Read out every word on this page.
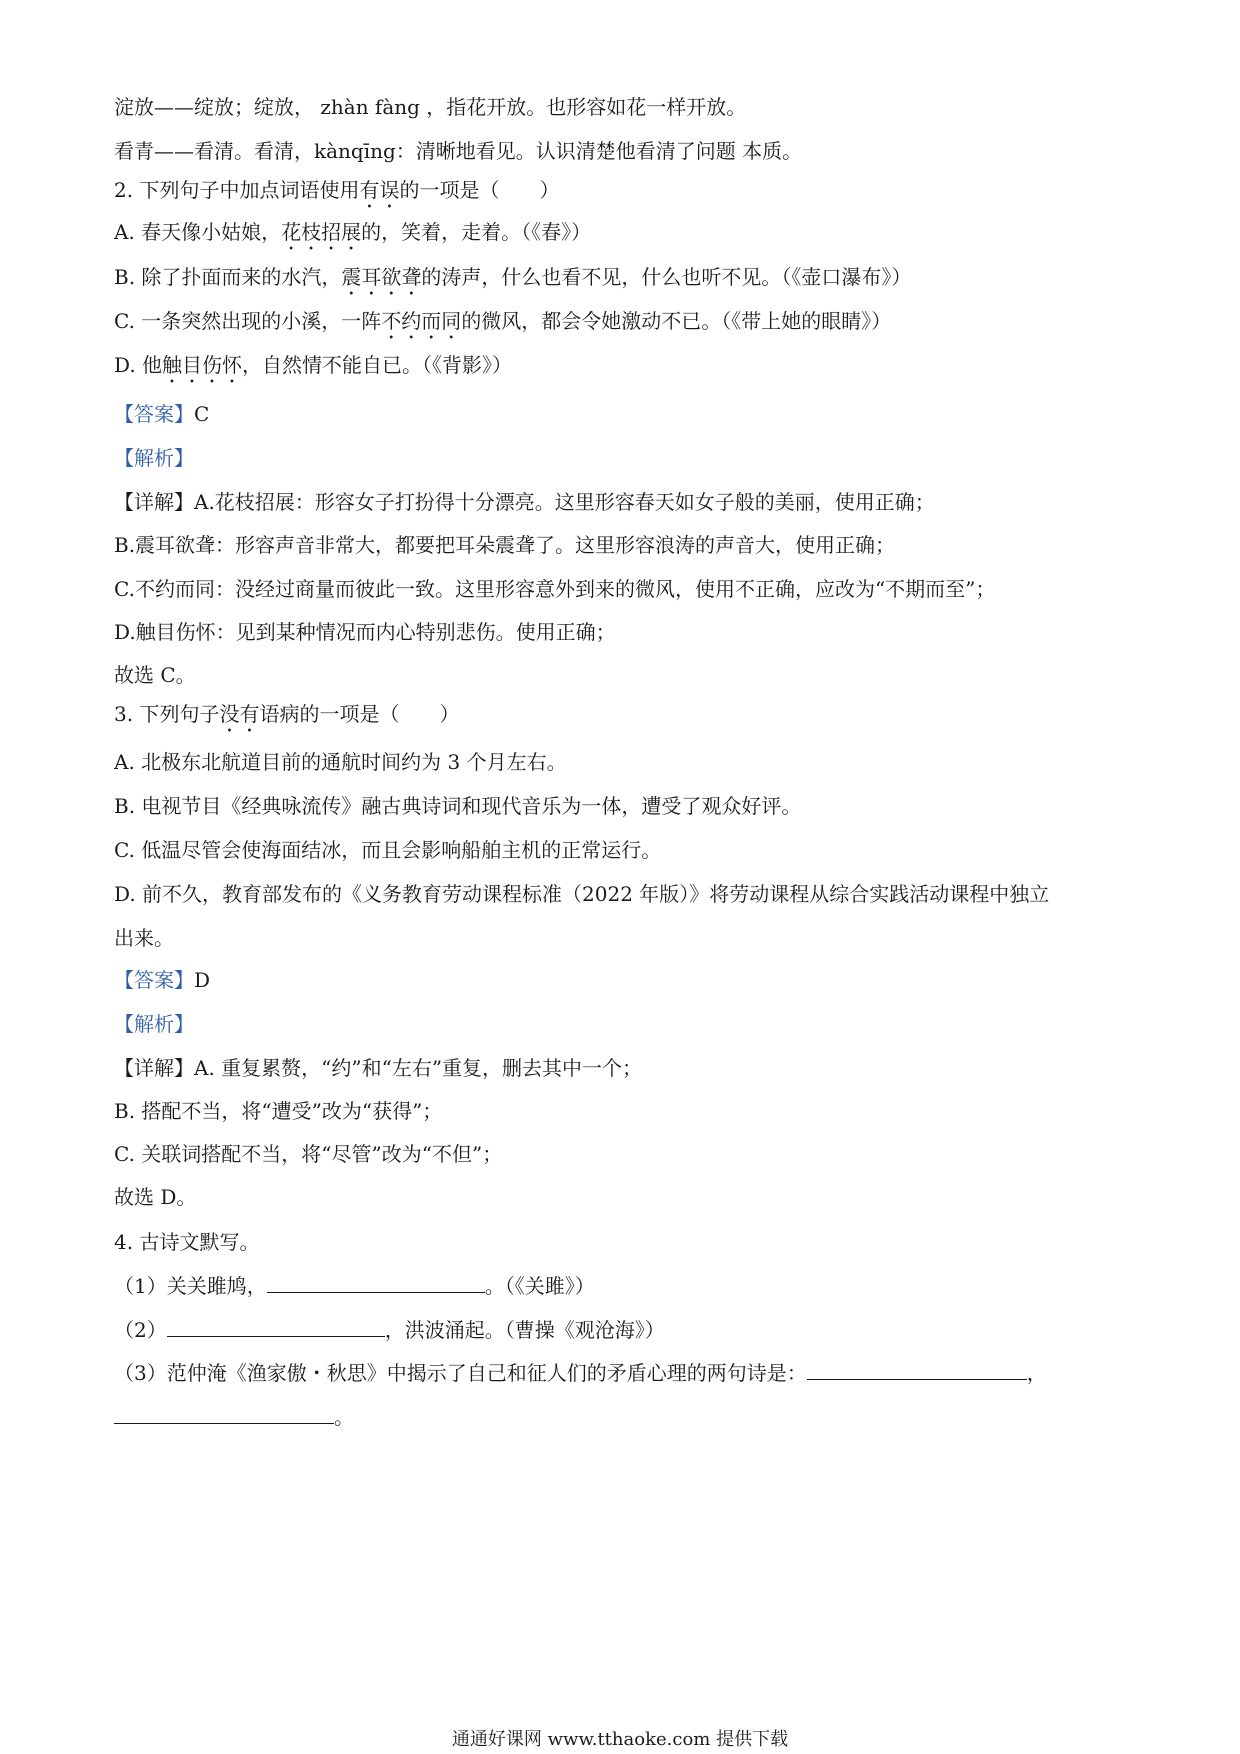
淀放——绽放；绽放， zhàn fàng ，指花开放。也形容如花一样开放。
看青——看清。看清，kànqīng：清晰地看见。认识清楚他看清了问题 本质。
2. 下列句子中加点词语使用有误的一项是（　　）
A. 春天像小姑娘，花枝招展的，笑着，走着。（《春》）
B. 除了扑面而来的水汽，震耳欲聋的涛声，什么也看不见，什么也听不见。（《壶口瀑布》）
C. 一条突然出现的小溪，一阵不约而同的微风，都会令她激动不已。（《带上她的眼睛》）
D. 他触目伤怀，自然情不能自已。（《背影》）
【答案】C
【解析】
【详解】A.花枝招展：形容女子打扮得十分漂亮。这里形容春天如女子般的美丽，使用正确；
B.震耳欲聋：形容声音非常大，都要把耳朵震聋了。这里形容浪涛的声音大，使用正确；
C.不约而同：没经过商量而彼此一致。这里形容意外到来的微风，使用不正确，应改为“不期而至”；
D.触目伤怀：见到某种情况而内心特别悲伤。使用正确；
故选 C。
3. 下列句子没有语病的一项是（　　）
A. 北极东北航道目前的通航时间约为 3 个月左右。
B. 电视节目《经典咏流传》融古典诗词和现代音乐为一体，遭受了观众好评。
C. 低温尽管会使海面结冰，而且会影响船舶主机的正常运行。
D. 前不久，教育部发布的《义务教育劳动课程标准（2022 年版）》将劳动课程从综合实践活动课程中独立
出来。
【答案】D
【解析】
【详解】A. 重复累赘，“约”和“左右”重复，删去其中一个；
B. 搭配不当，将“遭受”改为“获得”；
C. 关联词搭配不当，将“尽管”改为“不但”；
故选 D。
4. 古诗文默写。
（1）关关雎鸠，	。（《关雎》）
（2）	，洪波涌起。（曹操《观沧海》）
（3）范仲淹《渔家傲・秋思》中揭示了自己和征人们的矛盾心理的两句诗是：	，
。
通通好课网 www.tthaoke.com 提供下载
